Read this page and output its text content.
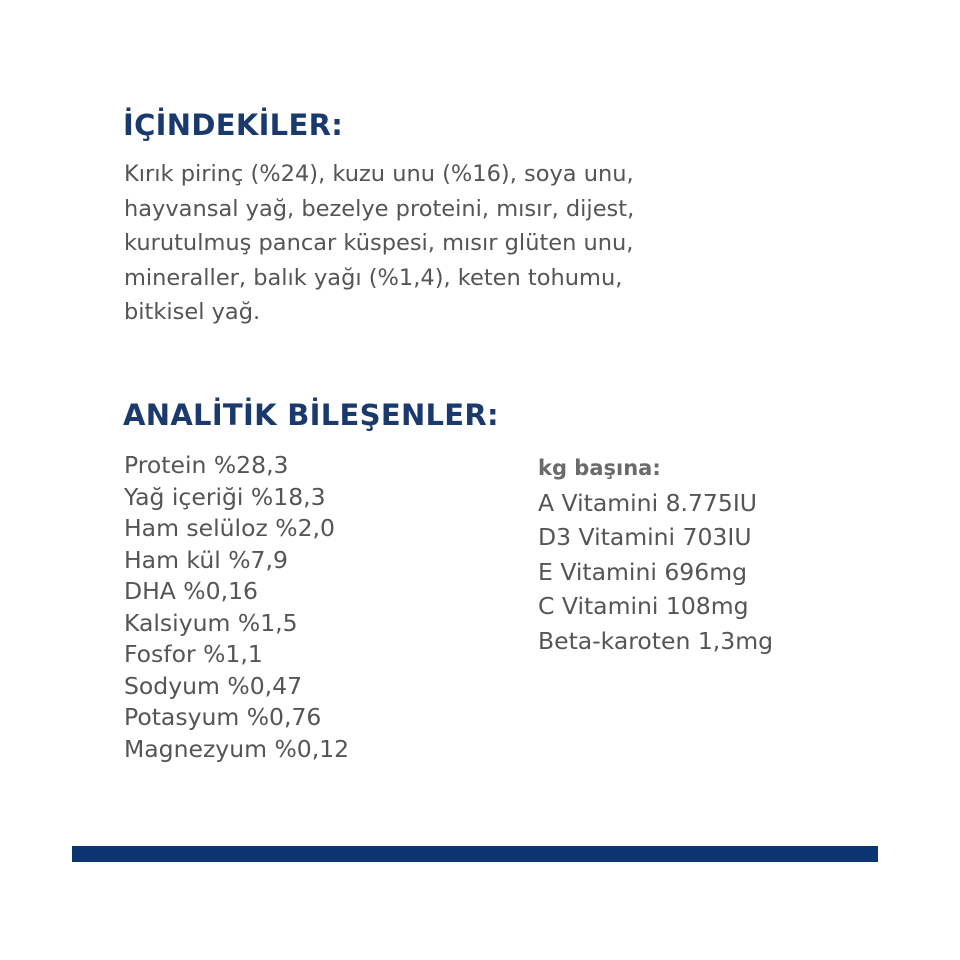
İÇİNDEKİLER:
Kırık pirinç (%24), kuzu unu (%16), soya unu,
hayvansal yağ, bezelye proteini, mısır, dijest,
kurutulmuş pancar küspesi, mısır glüten unu,
mineraller, balık yağı (%1,4), keten tohumu,
bitkisel yağ.
ANALİTİK BİLEŞENLER:
Protein %28,3
Yağ içeriği %18,3
Ham selüloz %2,0
Ham kül %7,9
DHA %0,16
Kalsiyum %1,5
Fosfor %1,1
Sodyum %0,47
Potasyum %0,76
Magnezyum %0,12
kg başına:
A Vitamini 8.775IU
D3 Vitamini 703IU
E Vitamini 696mg
C Vitamini 108mg
Beta-karoten 1,3mg
